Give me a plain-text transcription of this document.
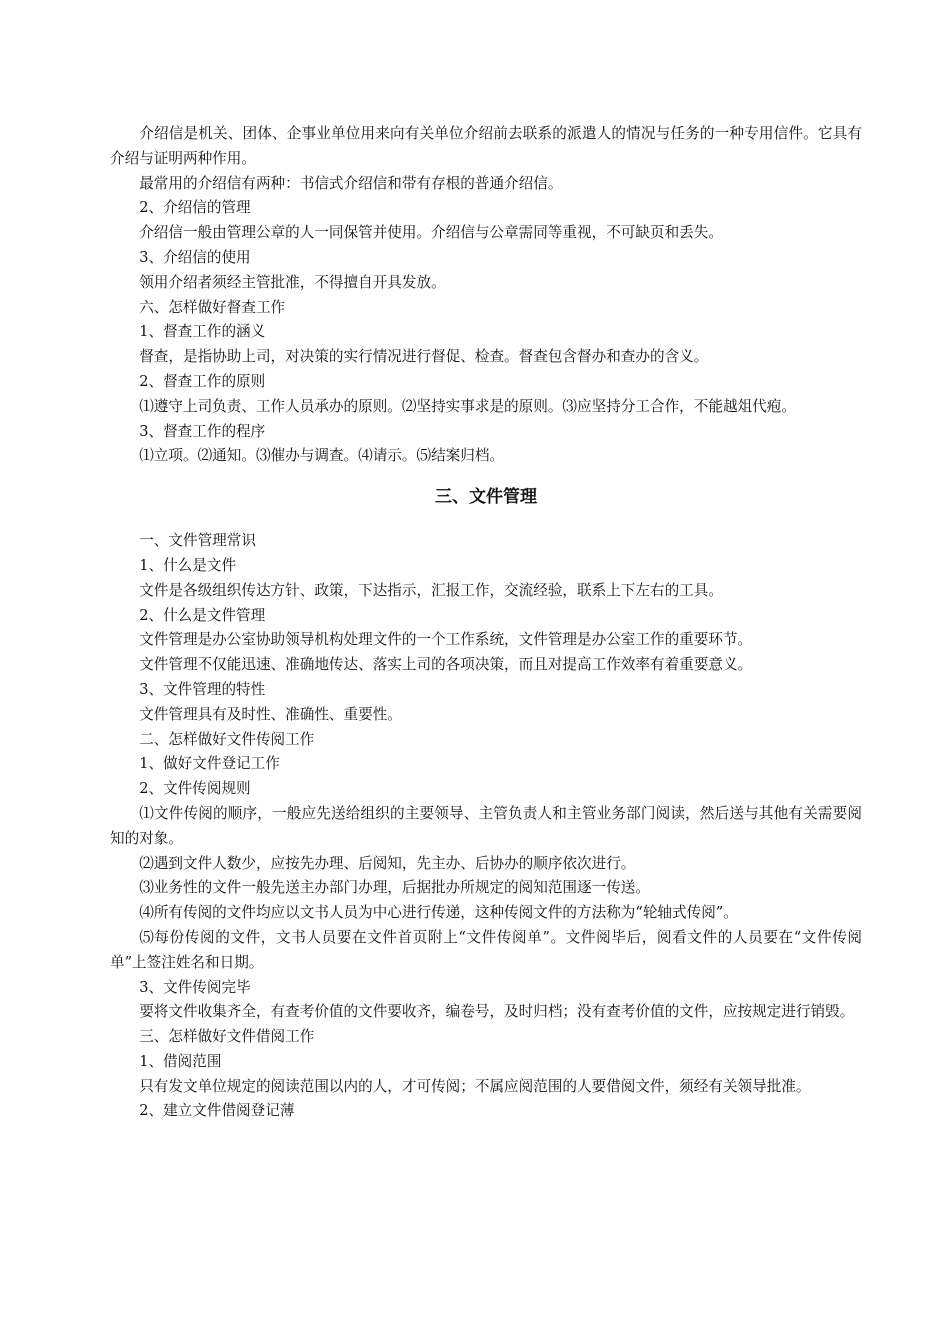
介绍信是机关、团体、企事业单位用来向有关单位介绍前去联系的派遣人的情况与任务的一种专用信件。它具有介绍与证明两种作用。

最常用的介绍信有两种：书信式介绍信和带有存根的普通介绍信。

2、介绍信的管理

介绍信一般由管理公章的人一同保管并使用。介绍信与公章需同等重视，不可缺页和丢失。

3、介绍信的使用

领用介绍者须经主管批准，不得擅自开具发放。

六、怎样做好督查工作

1、督查工作的涵义

督查，是指协助上司，对决策的实行情况进行督促、检查。督查包含督办和查办的含义。

2、督查工作的原则

⑴遵守上司负责、工作人员承办的原则。⑵坚持实事求是的原则。⑶应坚持分工合作，不能越俎代疱。

3、督查工作的程序

⑴立项。⑵通知。⑶催办与调查。⑷请示。⑸结案归档。

三、文件管理

一、文件管理常识

1、什么是文件

文件是各级组织传达方针、政策，下达指示，汇报工作，交流经验，联系上下左右的工具。

2、什么是文件管理

文件管理是办公室协助领导机构处理文件的一个工作系统，文件管理是办公室工作的重要环节。

文件管理不仅能迅速、准确地传达、落实上司的各项决策，而且对提高工作效率有着重要意义。

3、文件管理的特性

文件管理具有及时性、准确性、重要性。

二、怎样做好文件传阅工作

1、做好文件登记工作

2、文件传阅规则

⑴文件传阅的顺序，一般应先送给组织的主要领导、主管负责人和主管业务部门阅读，然后送与其他有关需要阅知的对象。

⑵遇到文件人数少，应按先办理、后阅知，先主办、后协办的顺序依次进行。

⑶业务性的文件一般先送主办部门办理，后据批办所规定的阅知范围逐一传送。

⑷所有传阅的文件均应以文书人员为中心进行传递，这种传阅文件的方法称为“轮轴式传阅”。

⑸每份传阅的文件，文书人员要在文件首页附上“文件传阅单”。文件阅毕后，阅看文件的人员要在“文件传阅单”上签注姓名和日期。

3、文件传阅完毕

要将文件收集齐全，有查考价值的文件要收齐，编卷号，及时归档；没有查考价值的文件，应按规定进行销毁。

三、怎样做好文件借阅工作

1、借阅范围

只有发文单位规定的阅读范围以内的人，才可传阅；不属应阅范围的人要借阅文件，须经有关领导批准。

2、建立文件借阅登记薄
